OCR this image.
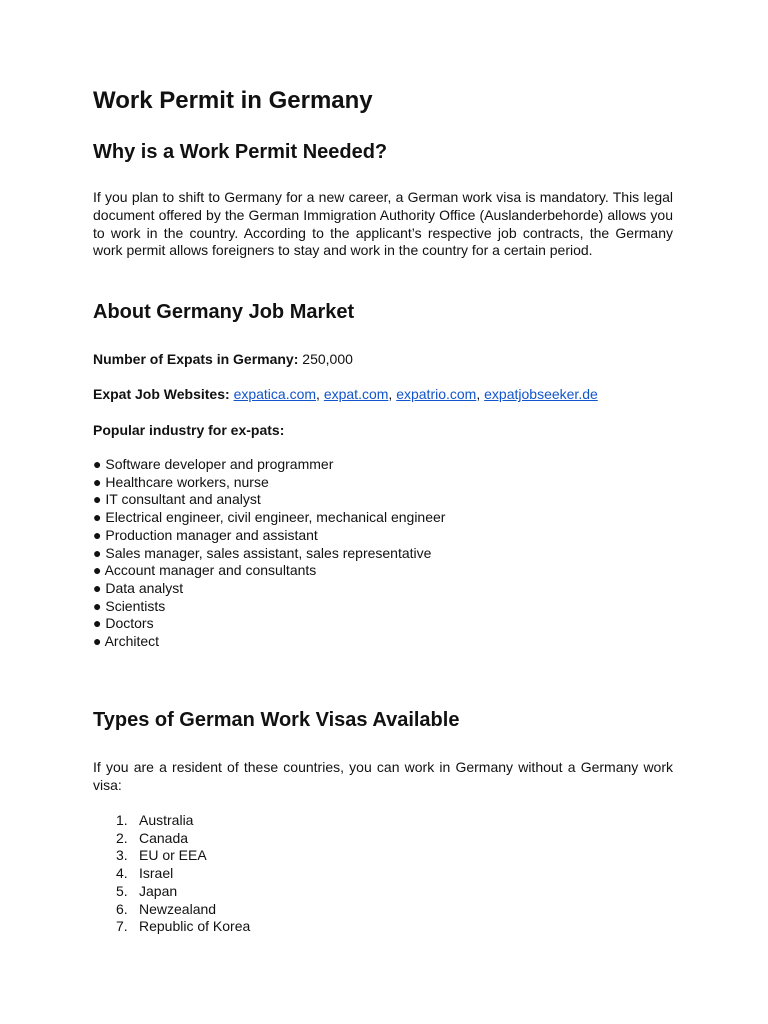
Work Permit in Germany
Why is a Work Permit Needed?

If you plan to shift to Germany for a new career, a German work visa is mandatory. This legal document offered by the German Immigration Authority Office (Auslanderbehorde) allows you to work in the country. According to the applicant’s respective job contracts, the Germany work permit allows foreigners to stay and work in the country for a certain period.

About Germany Job Market

Number of Expats in Germany: 250,000

Expat Job Websites: expatica.com, expat.com, expatrio.com, expatjobseeker.de

Popular industry for ex-pats:

● Software developer and programmer
● Healthcare workers, nurse
● IT consultant and analyst
● Electrical engineer, civil engineer, mechanical engineer
● Production manager and assistant
● Sales manager, sales assistant, sales representative
● Account manager and consultants
● Data analyst
● Scientists
● Doctors
● Architect
Types of German Work Visas Available

If you are a resident of these countries, you can work in Germany without a Germany work visa:

1. Australia
2. Canada
3. EU or EEA
4. Israel
5. Japan
6. Newzealand
7. Republic of Korea
